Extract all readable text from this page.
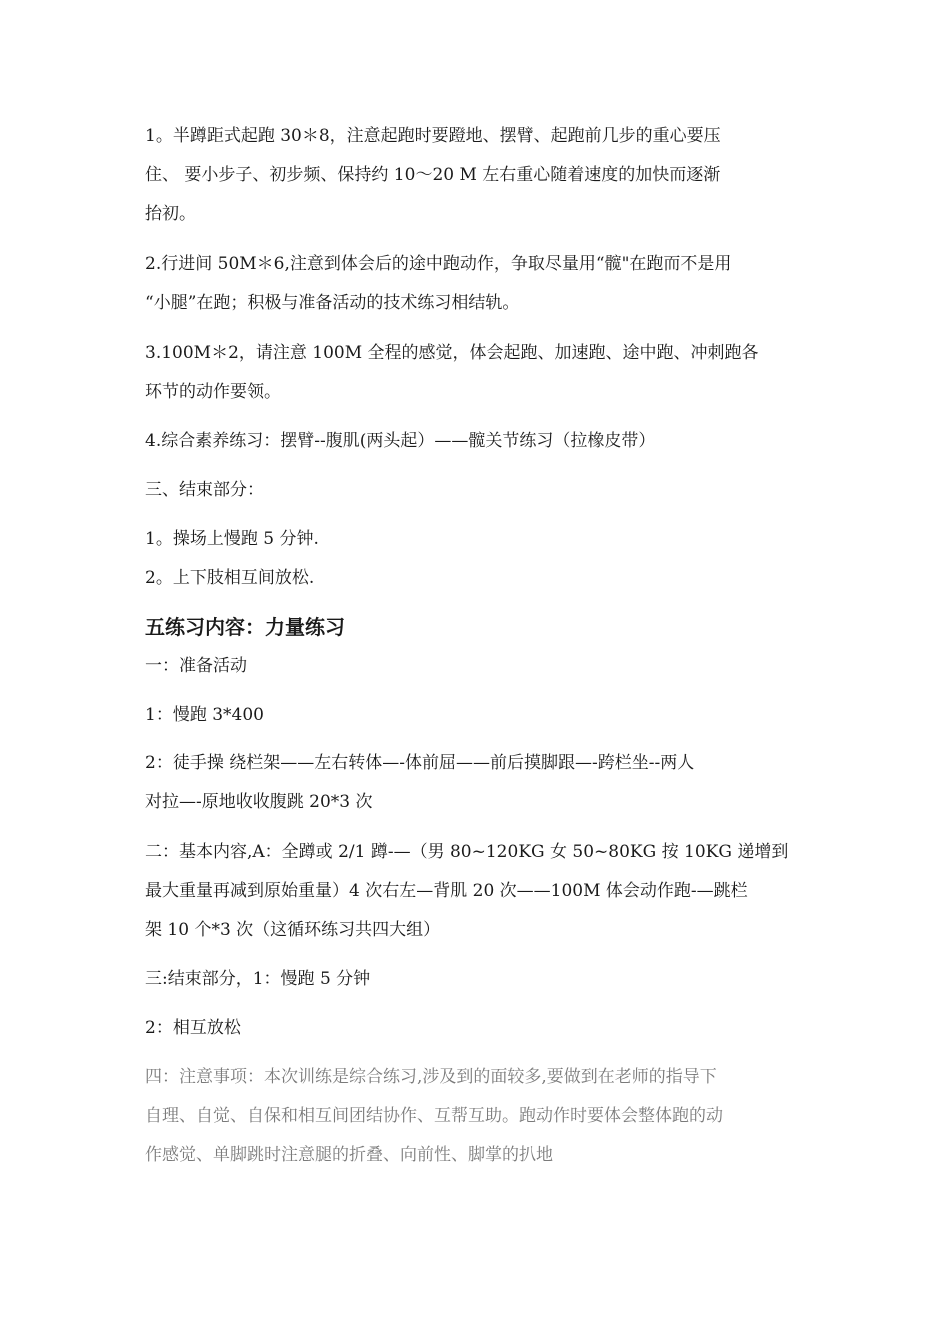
1。半蹲距式起跑 30＊8，注意起跑时要蹬地、摆臂、起跑前几步的重心要压
住、 要小步子、初步频、保持约 10～20 M 左右重心随着速度的加快而逐渐
抬初。
2.行进间 50M＊6,注意到体会后的途中跑动作，争取尽量用“髋"在跑而不是用
“小腿”在跑；积极与准备活动的技术练习相结轨。
3.100M＊2，请注意 100M 全程的感觉，体会起跑、加速跑、途中跑、冲刺跑各
环节的动作要领。
4.综合素养练习：摆臂--腹肌(两头起）——髋关节练习（拉橡皮带）
三、结束部分：
1。操场上慢跑 5 分钟.
2。上下肢相互间放松.
五练习内容：力量练习
一：准备活动
1：慢跑 3*400
2：徒手操 绕栏架——左右转体—-体前屈——前后摸脚跟—-跨栏坐--两人
对拉—-原地收收腹跳 20*3 次
二：基本内容,A：全蹲或 2/1 蹲-—（男 80~120KG 女 50~80KG 按 10KG 递增到
最大重量再减到原始重量）4 次右左—背肌 20 次——100M 体会动作跑-—跳栏
架 10 个*3 次（这循环练习共四大组）
三:结束部分，1：慢跑 5 分钟
2：相互放松
四：注意事项：本次训练是综合练习,涉及到的面较多,要做到在老师的指导下
自理、自觉、自保和相互间团结协作、互帮互助。跑动作时要体会整体跑的动
作感觉、单脚跳时注意腿的折叠、向前性、脚掌的扒地
